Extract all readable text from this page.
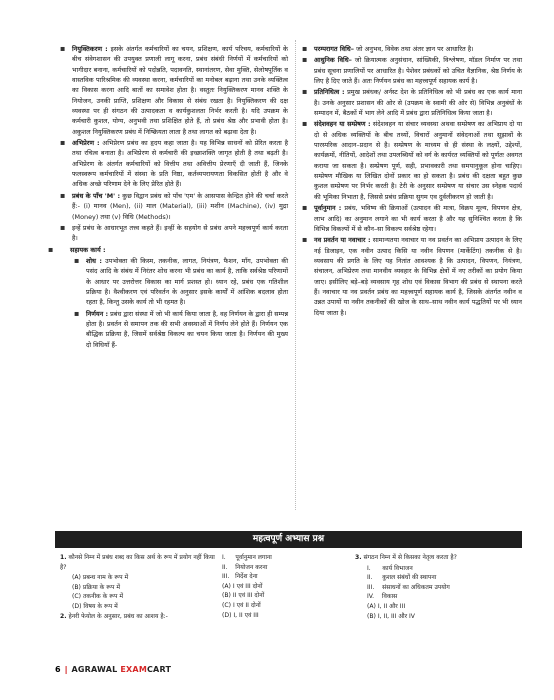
▪	नियुक्तिकरण : इसके अंतर्गत कर्मचारियों का चयन, प्रशिक्षण, कार्य परिचय, कर्मचारियों के बीच संवेगशासन की उपयुक्त प्रणाली लागू करना, प्रबंध संबंधी निर्णयों में कर्मचारियों को भागीदार बनाना, कर्मचारियों को पदोन्नति, पदावनति, स्थानांतरण, सेवा मुक्ति, सेलोषपूर्तिक व वास्तविक पारिश्रमिक की व्यवस्था करना, कर्मचारियों का मनोबल बढ़ाना तथा उनके व्यक्तित्व का विकास करना आदि बातों का समावेश होता है। वस्तुतः नियुक्तिकरण मानव शक्ति के नियोजन, उनकी प्राप्ति, प्रशिक्षण और विकास से संबंध रखता है। नियुक्तिकरण की दक्ष व्यवस्था पर ही संगठन की उत्पादकता व कार्यकुशलता निर्भर करती है। यदि उपक्रम के कर्मचारी कुशल, योग्य, अनुभवी तथा प्रशिक्षित होते हैं, तो प्रबंध श्रेष्ठ और प्रभावी होता है। अकुशल नियुक्तिकरण प्रबंध में निष्क्रियता लाता है तथा लागत को बढ़ावा देता है।
▪	अभिप्रेरण : अभिप्रेरण प्रबंध का हृदय कहा जाता है। यह विभिन्न साधनों को प्रेरित करता है तथा रचित्व बनाता है। अभिप्रेरण से कर्मचारी की इच्छाशक्ति जागृत होती है तथा बढ़ती है। अभिप्रेरण के अंतर्गत कर्मचारियों को वित्तीय तथा अवित्तीय प्रेरणाएँ दी जाती हैं, जिनके फलस्वरूप कर्मचारियों में संस्था के प्रति निष्ठा, कर्तव्यपरायणता विकसित होती है और वे अधिक अच्छे परिणाम देने के लिए प्रेरित होते हैं।
▪	प्रबंध के पाँच 'M' : कुछ विद्वान प्रबंध को पाँच 'एम' के आसपास केन्द्रित होने की चर्चा करते हैं:- (i) मानव (Men), (ii) माल (Material), (iii) मशीन (Machine), (iv) मुद्रा (Money) तथा (v) विधि (Methods)।
▪	इन्हें प्रबंध के आधारभूत तत्त्व कहते हैं। इन्हीं के सहयोग से प्रबंध अपने महत्त्वपूर्ण कार्य करता है।
▪	सहायक कार्य :
▪	शोध : उपभोक्ता की किस्म, तकनीक, लागत, नियंत्रण, फैशन, माँग, उपभोक्ता की पसंद आदि के संबंध में निरंतर शोध करना भी प्रबंध का कार्य है, ताकि सर्वश्रेष्ठ परिणामों के आधार पर उत्तरोत्तर विकास का मार्ग प्रशस्त हो। ध्यान रहे, प्रबंध एक गतिशील प्रक्रिया है। वैश्वीकरण एवं परिवर्तन के अनुसार इसके कार्यों में आंशिक बदलाव होता रहता है, किन्तु उसके कार्य तो भी रहमत है।
▪	निर्णयन : प्रबंध द्वारा संस्था में जो भी कार्य किया जाता है, वह निर्णयन के द्वारा ही सम्पन्न होता है। प्रवर्तन से समापन तक की सभी अवस्थाओं में निर्णय लेने होते हैं। निर्णयन एक बौद्धिक प्रक्रिया है, जिसमें सर्वश्रेष्ठ विकल्प का चयन किया जाता है। निर्णयन की मुख्य दो विधियाँ हैं-
▪	परम्परागत विधि– जो अनुभव, विवेक तथा अंतर ज्ञान पर आधारित है।
▪	आधुनिक विधि– जो क्रियात्मक अनुसंधान, सांख्यिकी, विश्लेषण, मॉडल निर्माण पर तथा प्रबंध सूचना प्रणालियों पर आधारित है। पेशेवर प्रबंधकों को उचित वैज्ञानिक, श्रेष्ठ निर्णय के लिए है दिए जाते हैं। अतः निर्णयन प्रबंध का महत्त्वपूर्ण सहायक कार्य है।
▪	प्रतिनिधित्व : प्रमुख प्रबंधक/ अर्नस्ट देश के प्रतिनिधित्व को भी प्रबंध का एक कार्य माना है। उनके अनुसार प्रशासन की ओर से (उपक्रम के स्वामी की ओर से) विभिन्न अनुबंधों के सम्पादन में, बैठकों में भाग लेने आदि में प्रबंध द्वारा प्रतिनिधित्व किया जाता है।
▪	संदेशवहन या सम्प्रेषण : संदेशवहन या संचार व्यवस्था अथवा सम्प्रेषण का अभिप्राय दो या दो से अधिक व्यक्तियों के बीच तथ्यों, विचारों अनुमानों संवेदनाओं तथा सूझावों के पारस्परिक आदान–प्रदान से है। सम्प्रेषण के माध्यम से ही संस्था के लक्ष्यों, उद्देश्यों, कार्यक्रमों, नीतियों, आदेशों तथा उपलब्धियों को वर्ग के कार्यरत व्यक्तियों को पूर्णतः अवगत कराया जा सकता है। सम्प्रेषण पूर्ण, सही, प्रभावकारी तथा समयानुकूल होना चाहिए। सम्प्रेषण मौखिक या लिखित दोनों प्रकार का हो सकता है। प्रबंध की दक्षता बहुत कुछ कुशल सम्प्रेषण पर निर्भर करती है। टेरी के अनुसार सम्प्रेषण या संचार उस स्नेहक पदार्थ की भूमिका निभाता है, जिससे प्रबंध प्रक्रिया सुगम एव दुर्वलीकरण हो जाती है।
▪	पूर्वानुमान : प्रबंध, भविष्य की क्रियाओं (उत्पादन की मात्रा, विक्रय मूल्य, विपणन क्षेत्र, लाभ आदि) का अनुमान लगाने का भी कार्य करता है और यह सुनिश्चित करता है कि विभिन्न विकल्पों में से कौन–सा विकल्प सर्वश्रेष्ठ रहेगा।
▪	नव प्रवर्तन या नवाचार : सामान्यतया नवाचार या नव प्रवर्तन का अभिप्राय उत्पादन के लिए नई डिजाइन, एक नवीन उत्पाद किसि या नवीन विपणन (मार्केटिंग) तकनीक से है। व्यवसाय की प्रगति के लिए यह नितांत आवश्यक है कि उत्पादन, विपणन, नियंत्रण, संचालन, अभिप्रेरण तथा मानवीय व्यवहार के विभिन्न क्षेत्रों में नए तरीकों का प्रयोग किया जाए। इसीलिए बड़े–बड़े व्यवसाय गृह शोध एवं विकास विभाग की प्रबंध से स्थापना करते हैं। नवाचार या नव प्रवर्तन प्रबंध का महत्त्वपूर्ण सहायक कार्य है, जिसके अंतर्गत नवीन व उन्नत उपायों या नवीन तकनीकों की खोज के साथ–साथ नवीन कार्य पद्धतियों पर भी ध्यान दिया जाता है।
महत्वपूर्ण अभ्यास प्रश्न
1. कौनसे निम्न में प्रबंध शब्द का किस अर्थ के रूप में प्रयोग नहीं किया है?
(A) प्रबन्ध नाम के रूप में
(B) प्रक्रिया के रूप में
(C) तकनीक के रूप में
(D) विषय के रूप में
2. हेनरी फेयोल के अनुसार, प्रबंध का आशय है:-
I.     पूर्वानुमान लगाना
II.    नियोजन करना
III.   निर्देश देना
(A) I एवं III दोनों
(B) II एवं III दोनों
(C) I एवं II दोनों
(D) I, II एवं III
3. संगठन निम्न में से किसका नेतृत्व करता है?
I.      कार्य विभाजन
II.     कुशल संबंधों की स्थापना
III.    संसाधनों का अधिकतम उपयोग
IV.    विकास
(A) I, II और III
(B) I, II, III और IV
6 | AGRAWAL EXAMCART
